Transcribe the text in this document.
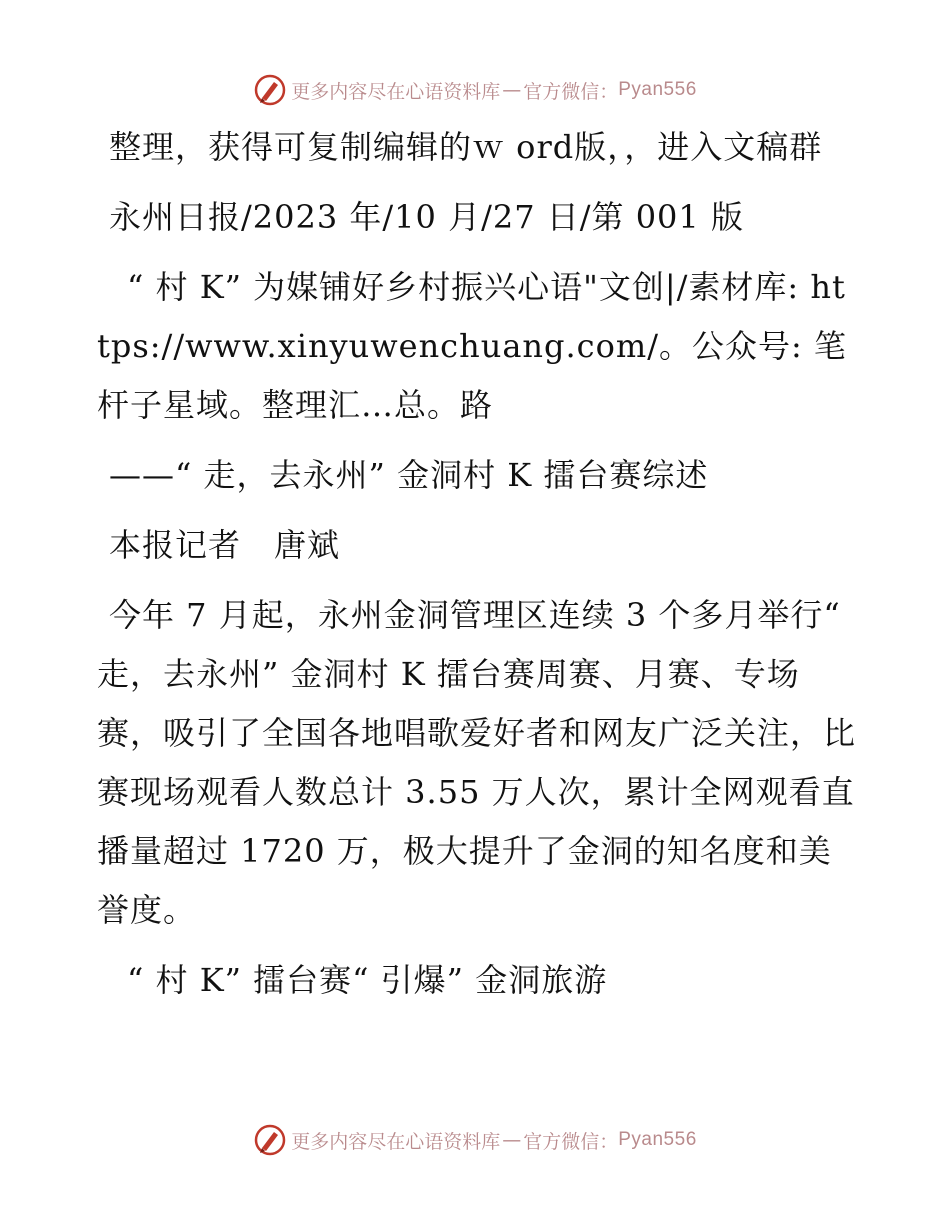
更多内容尽在心语资料库 — 官方微信： Pyan556

整理，获得可复制编辑的ｗ ord版，，进入文稿群

永州日报/2023 年/10 月/27 日/第 001 版

“ 村 K” 为媒铺好乡村振兴心语"文创|/素材库: https://www.xinyuwenchuang.com/。公众号: 笔杆子星域。整理汇…总。路

——“ 走，去永州” 金洞村 K 擂台赛综述

本报记者　唐斌

今年 7 月起，永州金洞管理区连续 3 个多月举行“ 走，去永州” 金洞村 K 擂台赛周赛、月赛、专场赛，吸引了全国各地唱歌爱好者和网友广泛关注，比赛现场观看人数总计 3.55 万人次，累计全网观看直播量超过 1720 万，极大提升了金洞的知名度和美誉度。

“ 村 K” 擂台赛“ 引爆” 金洞旅游

更多内容尽在心语资料库 — 官方微信： Pyan556
